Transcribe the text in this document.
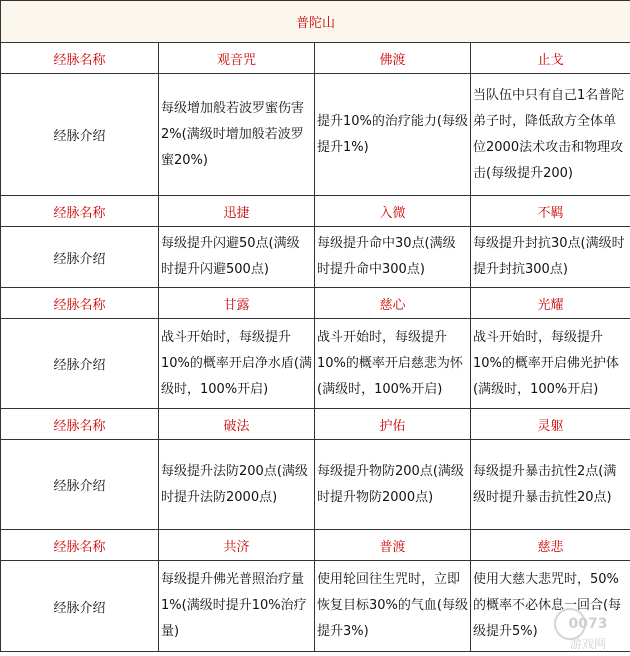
普陀山			
经脉名称	观音咒	佛渡	止戈
经脉介绍	每级增加般若波罗蜜伤害2%(满级时增加般若波罗蜜20%)	提升10%的治疗能力(每级提升1%)	当队伍中只有自己1名普陀弟子时，降低敌方全体单位2000法术攻击和物理攻击(每级提升200)
经脉名称	迅捷	入微	不羁
经脉介绍	每级提升闪避50点(满级时提升闪避500点)	每级提升命中30点(满级时提升命中300点)	每级提升封抗30点(满级时提升封抗300点)
经脉名称	甘露	慈心	光耀
经脉介绍	战斗开始时，每级提升10%的概率开启净水盾(满级时，100%开启)	战斗开始时，每级提升10%的概率开启慈悲为怀(满级时，100%开启)	战斗开始时，每级提升10%的概率开启佛光护体(满级时，100%开启)
经脉名称	破法	护佑	灵躯
经脉介绍	每级提升法防200点(满级时提升法防2000点)	每级提升物防200点(满级时提升物防2000点)	每级提升暴击抗性2点(满级时提升暴击抗性20点)
经脉名称	共济	普渡	慈悲
经脉介绍	每级提升佛光普照治疗量1%(满级时提升10%治疗量)	使用轮回往生咒时，立即恢复目标30%的气血(每级提升3%)	使用大慈大悲咒时，50%的概率不必休息一回合(每级提升5%) 0073
游戏网
